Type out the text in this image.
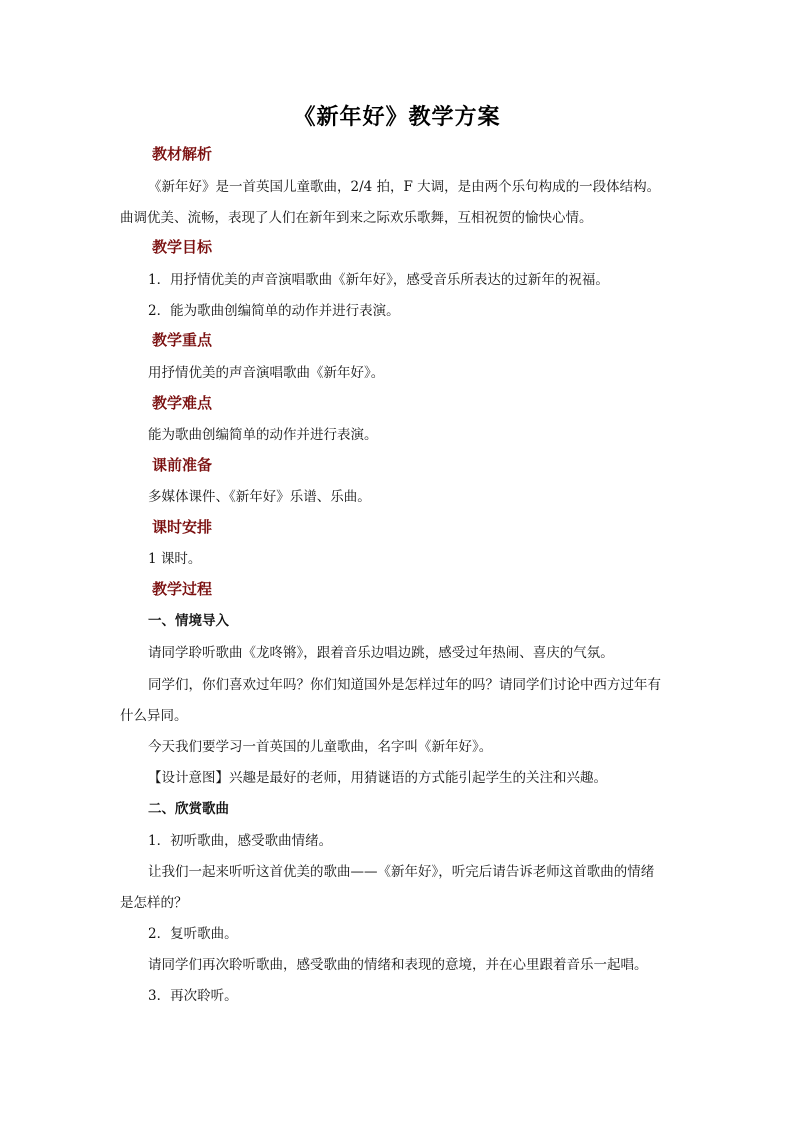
《新年好》教学方案
教材解析
《新年好》是一首英国儿童歌曲，2/4 拍，F 大调，是由两个乐句构成的一段体结构。
曲调优美、流畅，表现了人们在新年到来之际欢乐歌舞，互相祝贺的愉快心情。
教学目标
1．用抒情优美的声音演唱歌曲《新年好》，感受音乐所表达的过新年的祝福。
2．能为歌曲创编简单的动作并进行表演。
教学重点
用抒情优美的声音演唱歌曲《新年好》。
教学难点
能为歌曲创编简单的动作并进行表演。
课前准备
多媒体课件、《新年好》乐谱、乐曲。
课时安排
1 课时。
教学过程
一、情境导入
请同学聆听歌曲《龙咚锵》，跟着音乐边唱边跳，感受过年热闹、喜庆的气氛。
同学们，你们喜欢过年吗？你们知道国外是怎样过年的吗？请同学们讨论中西方过年有
什么异同。
今天我们要学习一首英国的儿童歌曲，名字叫《新年好》。
【设计意图】兴趣是最好的老师，用猜谜语的方式能引起学生的关注和兴趣。
二、欣赏歌曲
1．初听歌曲，感受歌曲情绪。
让我们一起来听听这首优美的歌曲——《新年好》，听完后请告诉老师这首歌曲的情绪
是怎样的？
2．复听歌曲。
请同学们再次聆听歌曲，感受歌曲的情绪和表现的意境，并在心里跟着音乐一起唱。
3．再次聆听。
